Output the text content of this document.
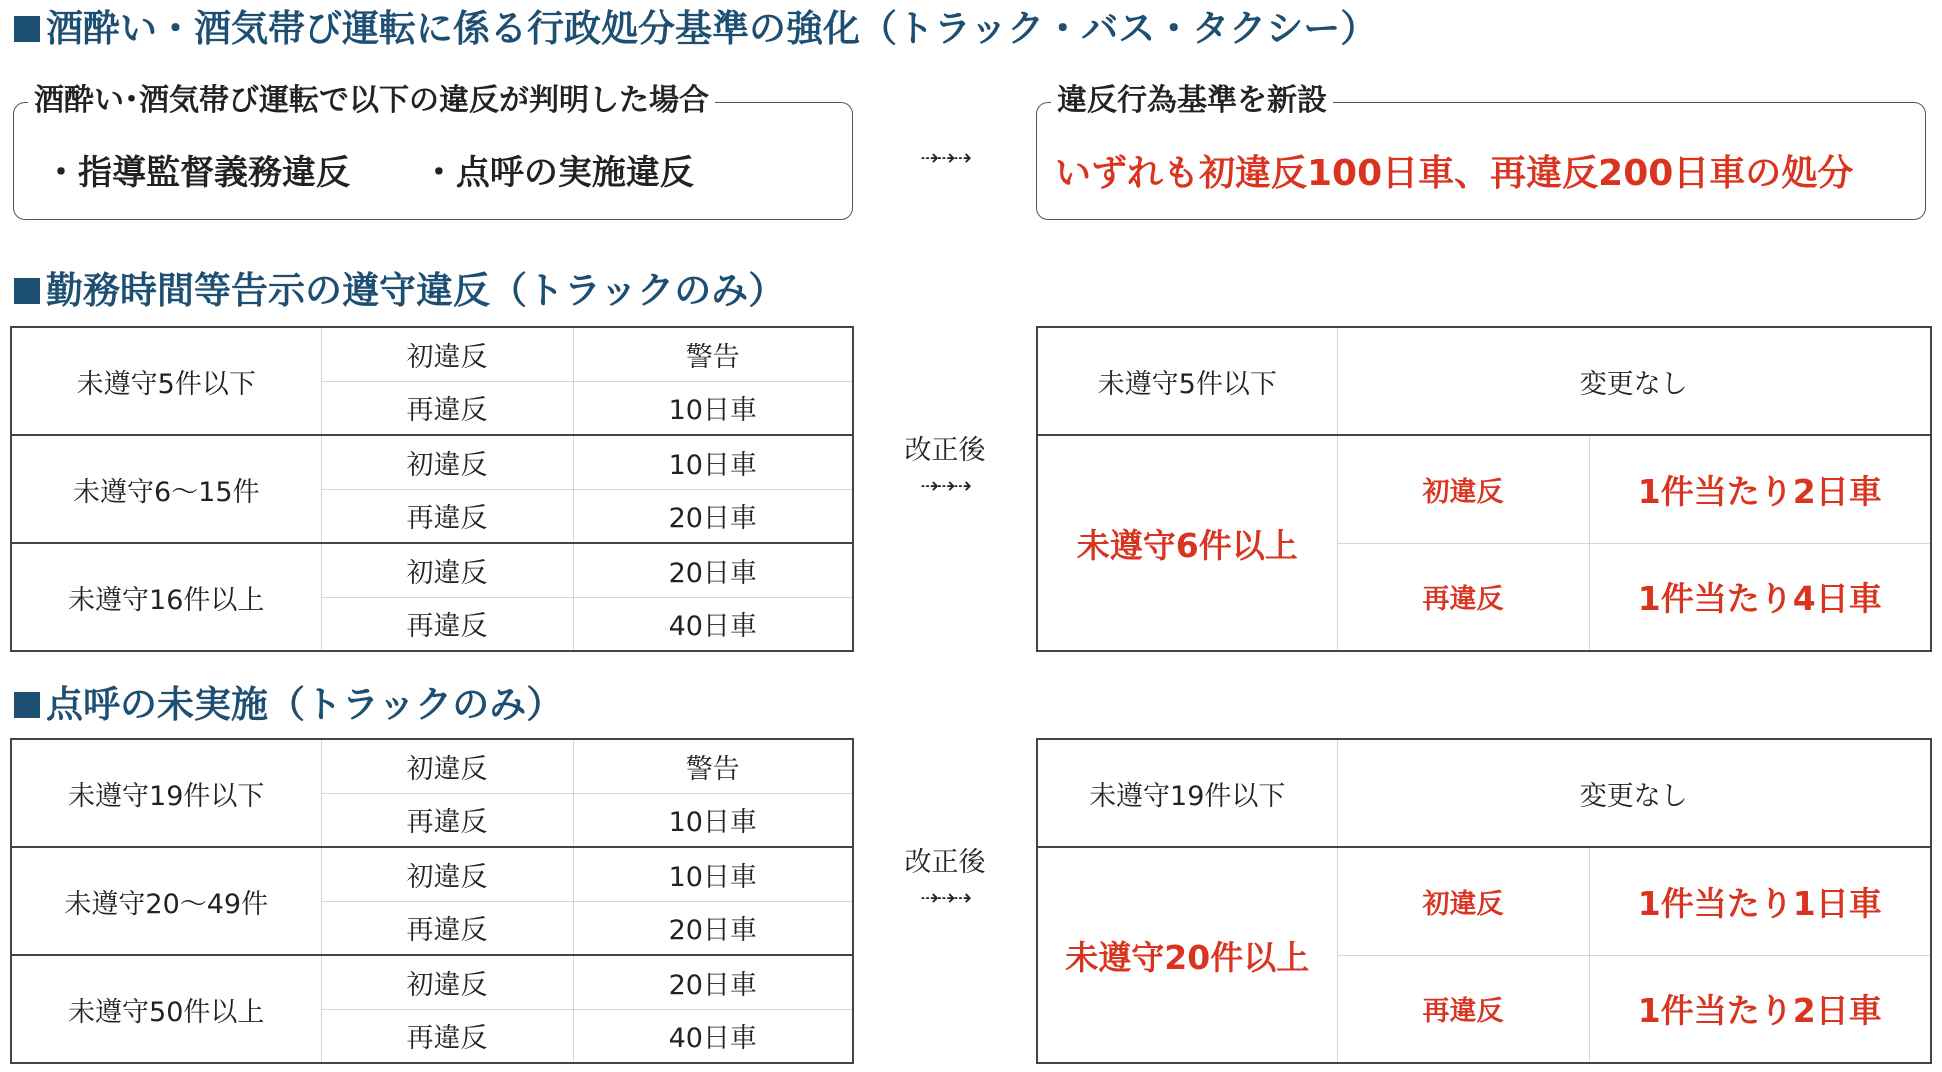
酒酔い・酒気帯び運転に係る行政処分基準の強化（トラック・バス・タクシー）
酒酔い･酒気帯び運転で以下の違反が判明した場合
・指導監督義務違反 ・点呼の実施違反	⇢⇢⇢
違反行為基準を新設
いずれも初違反100日車、再違反200日車の処分
勤務時間等告示の遵守違反（トラックのみ）
未遵守5件以下	初違反	警告
	再違反	10日車
未遵守6～15件	初違反	10日車
	再違反	20日車
未遵守16件以上	初違反	20日車
	再違反	40日車
改正後
⇢⇢⇢
未遵守5件以下	変更なし	
未遵守6件以上	初違反	1件当たり2日車
	再違反	1件当たり4日車
点呼の未実施（トラックのみ）
未遵守19件以下	初違反	警告
	再違反	10日車
未遵守20～49件	初違反	10日車
	再違反	20日車
未遵守50件以上	初違反	20日車
	再違反	40日車
改正後
⇢⇢⇢
未遵守19件以下	変更なし	
未遵守20件以上	初違反	1件当たり1日車
	再違反	1件当たり2日車
